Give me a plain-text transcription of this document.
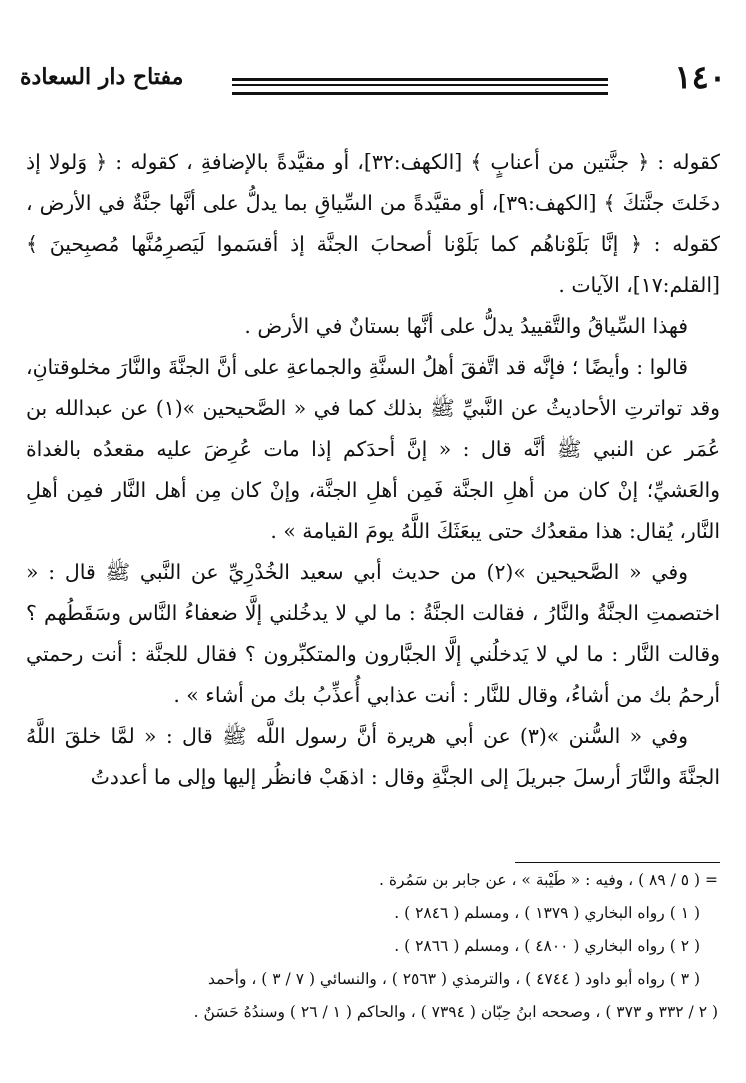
مفتاح دار السعادة	١٤٠

كقوله : ﴿ جنَّتين من أعنابٍ ﴾ [الكهف:٣٢]، أو مقيَّدةً بالإضافةِ ، كقوله : ﴿ وَلولا إذ دخَلتَ جنَّتكَ ﴾ [الكهف:٣٩]، أو مقيَّدةً من السِّياقِ بما يدلُّ على أنَّها جنَّةٌ في الأرض ، كقوله : ﴿ إنَّا بَلَوْناهُم كما بَلَوْنا أصحابَ الجنَّة إذ أقسَموا لَيَصرِمُنَّها مُصبِحينَ ﴾ [القلم:١٧]، الآيات .

فهذا السِّياقُ والتَّقييدُ يدلُّ على أنَّها بستانٌ في الأرض .

قالوا : وأيضًا ؛ فإنَّه قد اتَّفقَ أهلُ السنَّةِ والجماعةِ على أنَّ الجنَّةَ والنَّارَ مخلوقتانِ، وقد تواترتِ الأحاديثُ عن النَّبيِّ ﷺ بذلك كما في « الصَّحيحين »(١) عن عبدالله بن عُمَر عن النبي ﷺ أنَّه قال : « إنَّ أحدَكم إذا مات عُرِضَ عليه مقعدُه بالغداة والعَشيِّ؛ إنْ كان من أهلِ الجنَّة فَمِن أهلِ الجنَّة، وإنْ كان مِن أهل النَّار فمِن أهلِ النَّار، يُقال: هذا مقعدُك حتى يبعَثَكَ اللَّهُ يومَ القيامة » .

وفي « الصَّحيحين »(٢) من حديث أبي سعيد الخُدْرِيِّ عن النَّبي ﷺ قال : « اختصمتِ الجنَّةُ والنَّارُ ، فقالت الجنَّةُ : ما لي لا يدخُلني إلَّا ضعفاءُ النَّاس وسَقَطُهم ؟ وقالت النَّار : ما لي لا يَدخلُني إلَّا الجبَّارون والمتكبِّرون ؟ فقال للجنَّة : أنت رحمتي أرحمُ بك من أشاءُ، وقال للنَّار : أنت عذابي أُعذِّبُ بك من أشاء » .

وفي « السُّنن »(٣) عن أبي هريرة أنَّ رسول اللَّه ﷺ قال : « لمَّا خلقَ اللَّهُ الجنَّةَ والنَّارَ أرسلَ جبريلَ إلى الجنَّةِ وقال : اذهَبْ فانظُر إليها وإلى ما أعددتُ

= ( ٥ / ٨٩ ) ، وفيه : « طَيْبة » ، عن جابر بن سَمُرة .

( ١ ) رواه البخاري ( ١٣٧٩ ) ، ومسلم ( ٢٨٤٦ ) .

( ٢ ) رواه البخاري ( ٤٨٠٠ ) ، ومسلم ( ٢٨٦٦ ) .

( ٣ ) رواه أبو داود ( ٤٧٤٤ ) ، والترمذي ( ٢٥٦٣ ) ، والنسائي ( ٧ / ٣ ) ، وأحمد

( ٢ / ٣٣٢ و ٣٧٣ ) ، وصححه ابنُ حِبّان ( ٧٣٩٤ ) ، والحاكم ( ١ / ٢٦ ) وسندُهُ حَسَنٌ .
